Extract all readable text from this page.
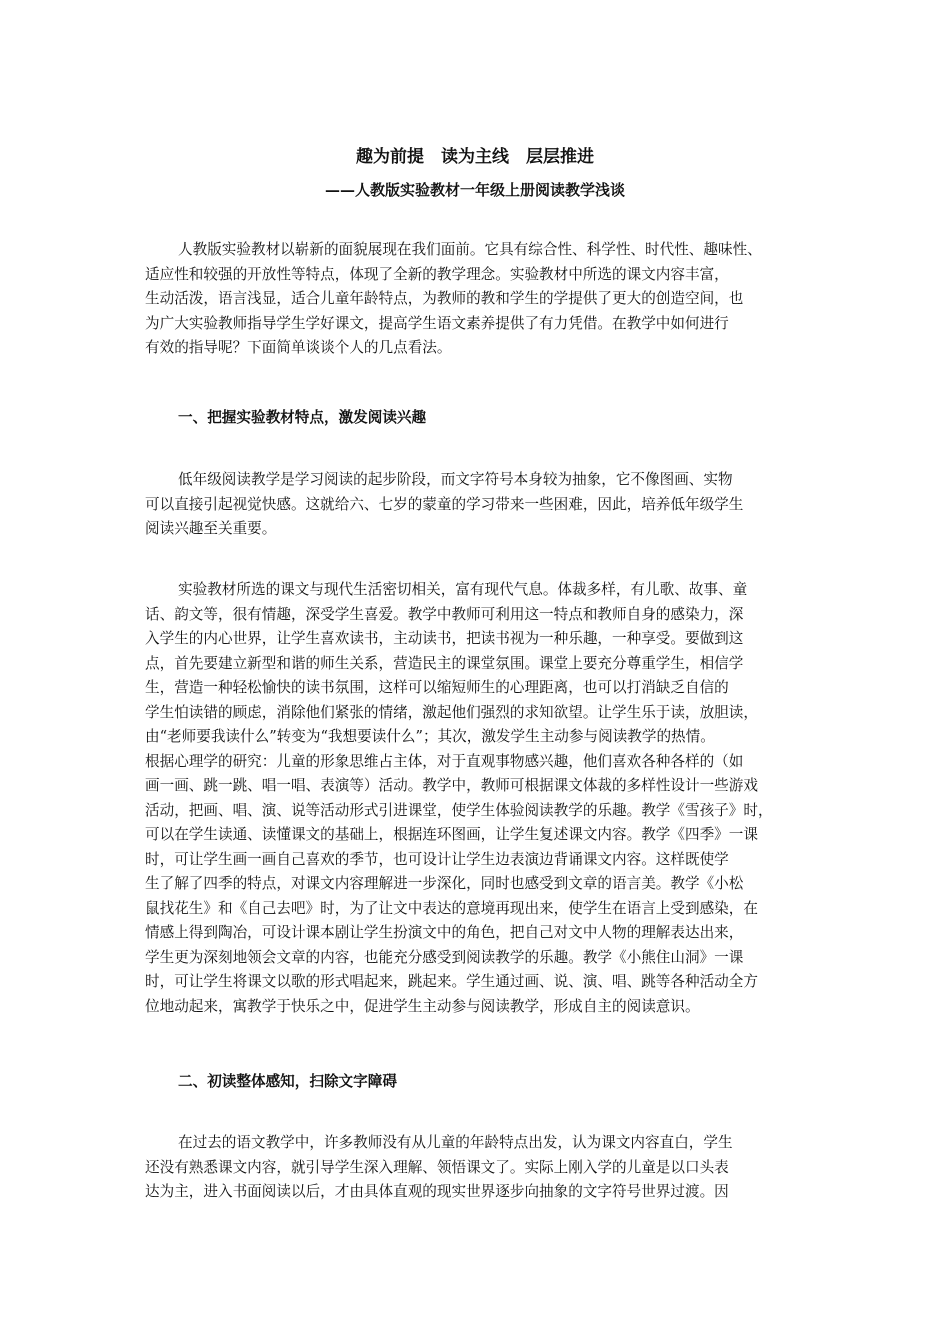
趣为前提　读为主线　层层推进
——人教版实验教材一年级上册阅读教学浅谈
人教版实验教材以崭新的面貌展现在我们面前。它具有综合性、科学性、时代性、趣味性、
适应性和较强的开放性等特点，体现了全新的教学理念。实验教材中所选的课文内容丰富，
生动活泼，语言浅显，适合儿童年龄特点，为教师的教和学生的学提供了更大的创造空间，也
为广大实验教师指导学生学好课文，提高学生语文素养提供了有力凭借。在教学中如何进行
有效的指导呢？下面简单谈谈个人的几点看法。
一、把握实验教材特点，激发阅读兴趣
低年级阅读教学是学习阅读的起步阶段，而文字符号本身较为抽象，它不像图画、实物
可以直接引起视觉快感。这就给六、七岁的蒙童的学习带来一些困难，因此，培养低年级学生
阅读兴趣至关重要。
实验教材所选的课文与现代生活密切相关，富有现代气息。体裁多样，有儿歌、故事、童
话、韵文等，很有情趣，深受学生喜爱。教学中教师可利用这一特点和教师自身的感染力，深
入学生的内心世界，让学生喜欢读书，主动读书，把读书视为一种乐趣，一种享受。要做到这
点，首先要建立新型和谐的师生关系，营造民主的课堂氛围。课堂上要充分尊重学生，相信学
生，营造一种轻松愉快的读书氛围，这样可以缩短师生的心理距离，也可以打消缺乏自信的
学生怕读错的顾虑，消除他们紧张的情绪，激起他们强烈的求知欲望。让学生乐于读，放胆读，
由“老师要我读什么”转变为“我想要读什么”；其次，激发学生主动参与阅读教学的热情。
根据心理学的研究：儿童的形象思维占主体，对于直观事物感兴趣，他们喜欢各种各样的（如
画一画、跳一跳、唱一唱、表演等）活动。教学中，教师可根据课文体裁的多样性设计一些游戏
活动，把画、唱、演、说等活动形式引进课堂，使学生体验阅读教学的乐趣。教学《雪孩子》时，
可以在学生读通、读懂课文的基础上，根据连环图画，让学生复述课文内容。教学《四季》一课
时，可让学生画一画自己喜欢的季节，也可设计让学生边表演边背诵课文内容。这样既使学
生了解了四季的特点，对课文内容理解进一步深化，同时也感受到文章的语言美。教学《小松
鼠找花生》和《自己去吧》时，为了让文中表达的意境再现出来，使学生在语言上受到感染，在
情感上得到陶冶，可设计课本剧让学生扮演文中的角色，把自己对文中人物的理解表达出来，
学生更为深刻地领会文章的内容，也能充分感受到阅读教学的乐趣。教学《小熊住山洞》一课
时，可让学生将课文以歌的形式唱起来，跳起来。学生通过画、说、演、唱、跳等各种活动全方
位地动起来，寓教学于快乐之中，促进学生主动参与阅读教学，形成自主的阅读意识。
二、初读整体感知，扫除文字障碍
在过去的语文教学中，许多教师没有从儿童的年龄特点出发，认为课文内容直白，学生
还没有熟悉课文内容，就引导学生深入理解、领悟课文了。实际上刚入学的儿童是以口头表
达为主，进入书面阅读以后，才由具体直观的现实世界逐步向抽象的文字符号世界过渡。因
